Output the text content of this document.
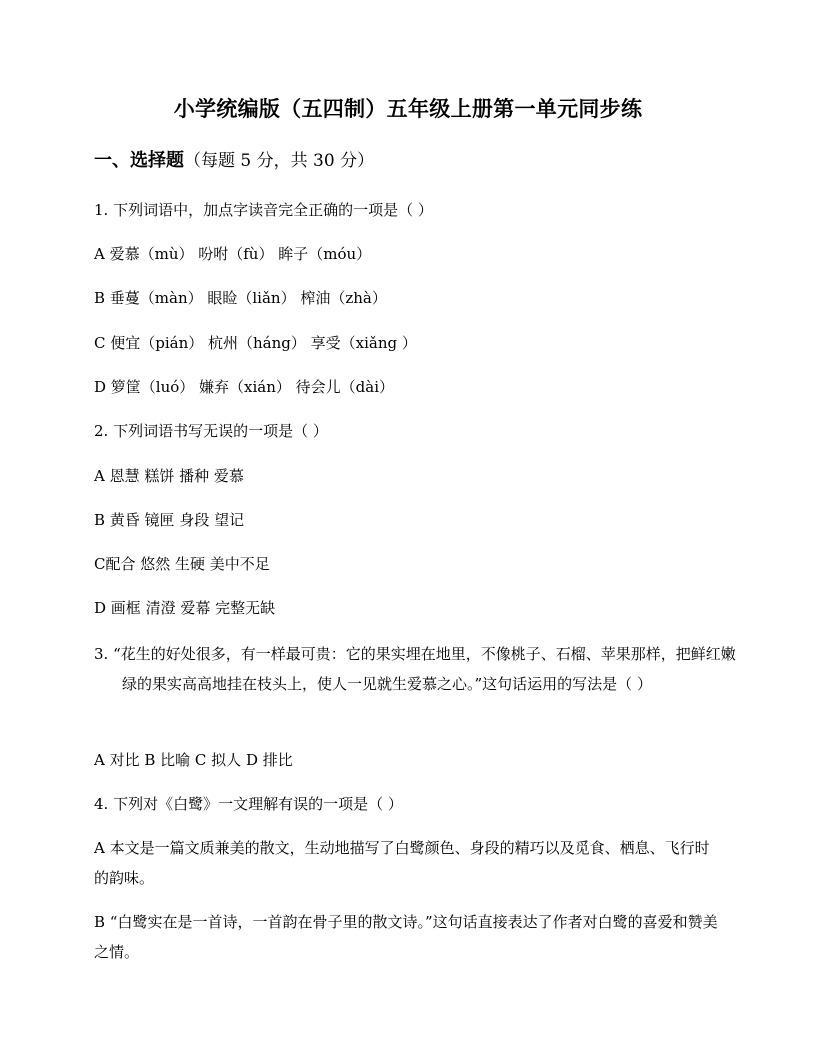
小学统编版（五四制）五年级上册第一单元同步练
一、选择题（每题 5 分，共 30 分）
1. 下列词语中，加点字读音完全正确的一项是（ ）
A 爱慕（mù） 吩咐（fù） 眸子（móu）
B 垂蔓（màn） 眼睑（liǎn） 榨油（zhà）
C 便宜（pián） 杭州（háng） 享受（xiǎng ）
D 箩筐（luó） 嫌弃（xián） 待会儿（dài）
2. 下列词语书写无误的一项是（ ）
A 恩慧 糕饼 播种 爱慕
B 黄昏 镜匣 身段 望记
C配合 悠然 生硬 美中不足
D 画框 清澄 爱幕 完整无缺
3. “花生的好处很多，有一样最可贵：它的果实埋在地里，不像桃子、石榴、苹果那样，把鲜红嫩绿的果实高高地挂在枝头上，使人一见就生爱慕之心。”这句话运用的写法是（ ）
A 对比 B 比喻 C 拟人 D 排比
4. 下列对《白鹭》一文理解有误的一项是（ ）
A 本文是一篇文质兼美的散文，生动地描写了白鹭颜色、身段的精巧以及觅食、栖息、飞行时的韵味。
B “白鹭实在是一首诗，一首韵在骨子里的散文诗。”这句话直接表达了作者对白鹭的喜爱和赞美之情。
